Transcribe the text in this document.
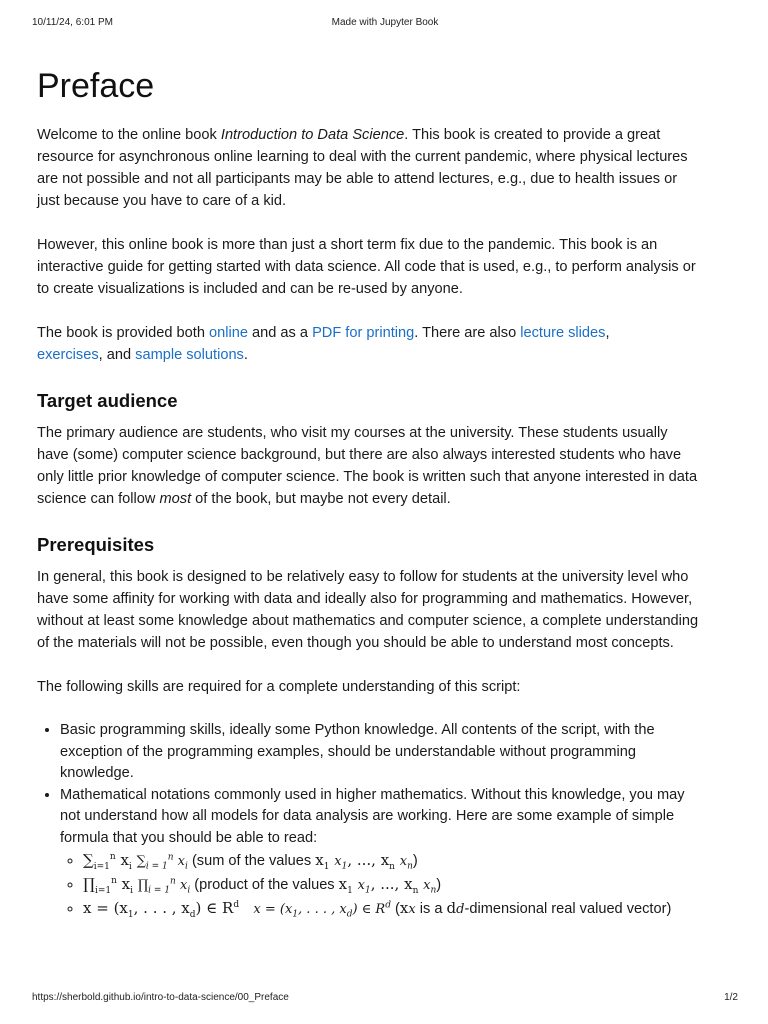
10/11/24, 6:01 PM	Made with Jupyter Book
Preface

Welcome to the online book Introduction to Data Science. This book is created to provide a great resource for asynchronous online learning to deal with the current pandemic, where physical lectures are not possible and not all participants may be able to attend lectures, e.g., due to health issues or just because you have to care of a kid.

However, this online book is more than just a short term fix due to the pandemic. This book is an interactive guide for getting started with data science. All code that is used, e.g., to perform analysis or to create visualizations is included and can be re-used by anyone.

The book is provided both online and as a PDF for printing. There are also lecture slides,
exercises, and sample solutions.

Target audience

The primary audience are students, who visit my courses at the university. These students usually have (some) computer science background, but there are also always interested students who have only little prior knowledge of computer science. The book is written such that anyone interested in data science can follow most of the book, but maybe not every detail.

Prerequisites

In general, this book is designed to be relatively easy to follow for students at the university level who have some affinity for working with data and ideally also for programming and mathematics. However, without at least some knowledge about mathematics and computer science, a complete understanding of the materials will not be possible, even though you should be able to understand most concepts.

The following skills are required for a complete understanding of this script:

• Basic programming skills, ideally some Python knowledge. All contents of the script, with the exception of the programming examples, should be understandable without programming knowledge.
• Mathematical notations commonly used in higher mathematics. Without this knowledge, you may not understand how all models for data analysis are working. Here are some example of simple formula that you should be able to read:
◦ $\sum_{i=1}^n$ $x_i$ $\sum_{i = 1}^n$ $x_i$ (sum of the values $x_1$ $x_1$, ..., $x_n$ $x_n$)
◦ $\prod_{i=1}^n$ $x_i$ $\prod_{i = 1}^n$ $x_i$ (product of the values $x_1$ $x_1$, ..., $x_n$ $x_n$)
◦ $x = (x_1$, . . . , $x_d$) ∈ $R^d$ $x = (x_1$, . . . , $x_d$) ∈ $R^d$ (xx is a dd-dimensional real valued vector)
https://sherbold.github.io/intro-to-data-science/00_Preface	1/2
